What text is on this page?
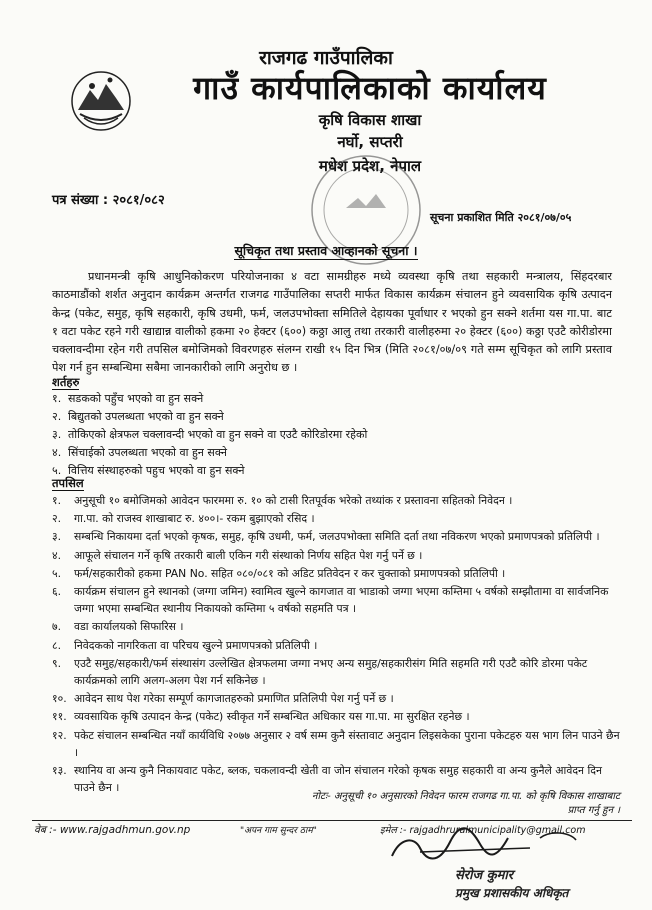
राजगढ गाउँपालिका
गाउँ कार्यपालिकाको कार्यालय
कृषि विकास शाखा
नर्घो, सप्तरी
मधेश प्रदेश, नेपाल
पत्र संख्या : २०८१/०८२
सूचना प्रकाशित मिति २०८१/०७/०५
सूचिकृत तथा प्रस्ताव आव्हानको सूचना ।
प्रधानमन्त्री कृषि आधुनिकोकरण परियोजनाका ४ वटा सामग्रीहरु मध्ये व्यवस्था कृषि तथा सहकारी मन्त्रालय, सिंहदरबार काठमाडौंको शर्शत अनुदान कार्यक्रम अन्तर्गत राजगढ गाउँपालिका सप्तरी मार्फत विकास कार्यक्रम संचालन हुने व्यवसायिक कृषि उत्पादन केन्द्र (पकेट, समुह, कृषि सहकारी, कृषि उधमी, फर्म, जलउपभोक्ता समितिले देहायका पूर्वाधार र भएको हुन सक्ने शर्तमा यस गा.पा. बाट १ वटा पकेट रहने गरी खाद्यान्न वालीको हकमा २० हेक्टर (६००) कठ्ठा आलु तथा तरकारी वालीहरुमा २० हेक्टर (६००) कठ्ठा एउटै कोरीडोरमा चक्लावन्दीमा रहेन गरी तपसिल बमोजिमको विवरणहरु संलग्न राखी १५ दिन भित्र (मिति २०८१/०७/०९ गते सम्म सूचिकृत को लागि प्रस्ताव पेश गर्न हुन सम्बन्धिमा सबैमा जानकारीको लागि अनुरोध छ ।
शर्तहरु
१. सडकको पहुँच भएको वा हुन सक्ने
२. बिद्युतको उपलब्धता भएको वा हुन सक्ने
३. तोकिएको क्षेत्रफल चक्लावन्दी भएको वा हुन सक्ने वा एउटै कोरिडोरमा रहेको
४. सिंचाईको उपलब्धता भएको वा हुन सक्ने
५. वित्तिय संस्थाहरुको पहुच भएको वा हुन सक्ने
तपसिल
१.	अनुसूची १० बमोजिमको आवेदन फारममा रु. १० को टासी रितपूर्वक भरेको तथ्यांक र प्रस्तावना सहितको निवेदन ।
२.	गा.पा. को राजस्व शाखाबाट रु. ४००।- रकम बुझाएको रसिद ।
३.	सम्बन्धि निकायमा दर्ता भएको कृषक, समुह, कृषि उधमी, फर्म, जलउपभोक्ता समिति दर्ता तथा नविकरण भएको प्रमाणपत्रको प्रतिलिपी ।
४.	आफूले संचालन गर्ने कृषि तरकारी बाली एकिन गरी संस्थाको निर्णय सहित पेश गर्नु पर्ने छ ।
५.	फर्म/सहकारीको हकमा PAN No. सहित ०८०/०८१ को अडिट प्रतिवेदन र कर चुक्ताको प्रमाणपत्रको प्रतिलिपी ।
६.	कार्यक्रम संचालन हुने स्थानको (जग्गा जमिन) स्वामित्व खुल्ने कागजात वा भाडाको जग्गा भएमा कम्तिमा ५ वर्षको सम्झौतामा वा सार्वजनिक जग्गा भएमा सम्बन्धित स्थानीय निकायको कम्तिमा ५ वर्षको सहमति पत्र ।
७.	वडा कार्यालयको सिफारिस ।
८.	निवेदकको नागरिकता वा परिचय खुल्ने प्रमाणपत्रको प्रतिलिपी ।
९.	एउटै समुह/सहकारी/फर्म संस्थासंग उल्लेखित क्षेत्रफलमा जग्गा नभए अन्य समुह/सहकारीसंग मिति सहमति गरी एउटै कोरि डोरमा पकेट कार्यक्रमको लागि अलग-अलग पेश गर्न सकिनेछ ।
१०. आवेदन साथ पेश गरेका सम्पूर्ण कागजातहरुको प्रमाणित प्रतिलिपी पेश गर्नु पर्ने छ ।
११. व्यवसायिक कृषि उत्पादन केन्द्र (पकेट) स्वीकृत गर्ने सम्बन्धित अधिकार यस गा.पा. मा सुरक्षित रहनेछ ।
१२. पकेट संचालन सम्बन्धित नयाँ कार्यविधि २०७७ अनुसार २ वर्ष सम्म कुनै संस्तावाट अनुदान लिइसकेका पुराना पकेटहरु यस भाग लिन पाउने छैन ।
१३. स्थानिय वा अन्य कुनै निकायवाट पकेट, ब्लक, चकलावन्दी खेती वा जोन संचालन गरेको कृषक समुह सहकारी वा अन्य कुनैले आवेदन दिन पाउने छैन ।
नोटः- अनुसूची १० अनुसारको निवेदन फारम राजगढ गा.पा. को कृषि विकास शाखाबाट प्राप्त गर्नु हुन ।
वेब :- www.rajgadhmun.gov.np	"अपन गाम सुन्दर ठाम"	इमेल :- rajgadhruralmunicipality@gmail.com
सेरोज कुमार
प्रमुख प्रशासकीय अधिकृत
